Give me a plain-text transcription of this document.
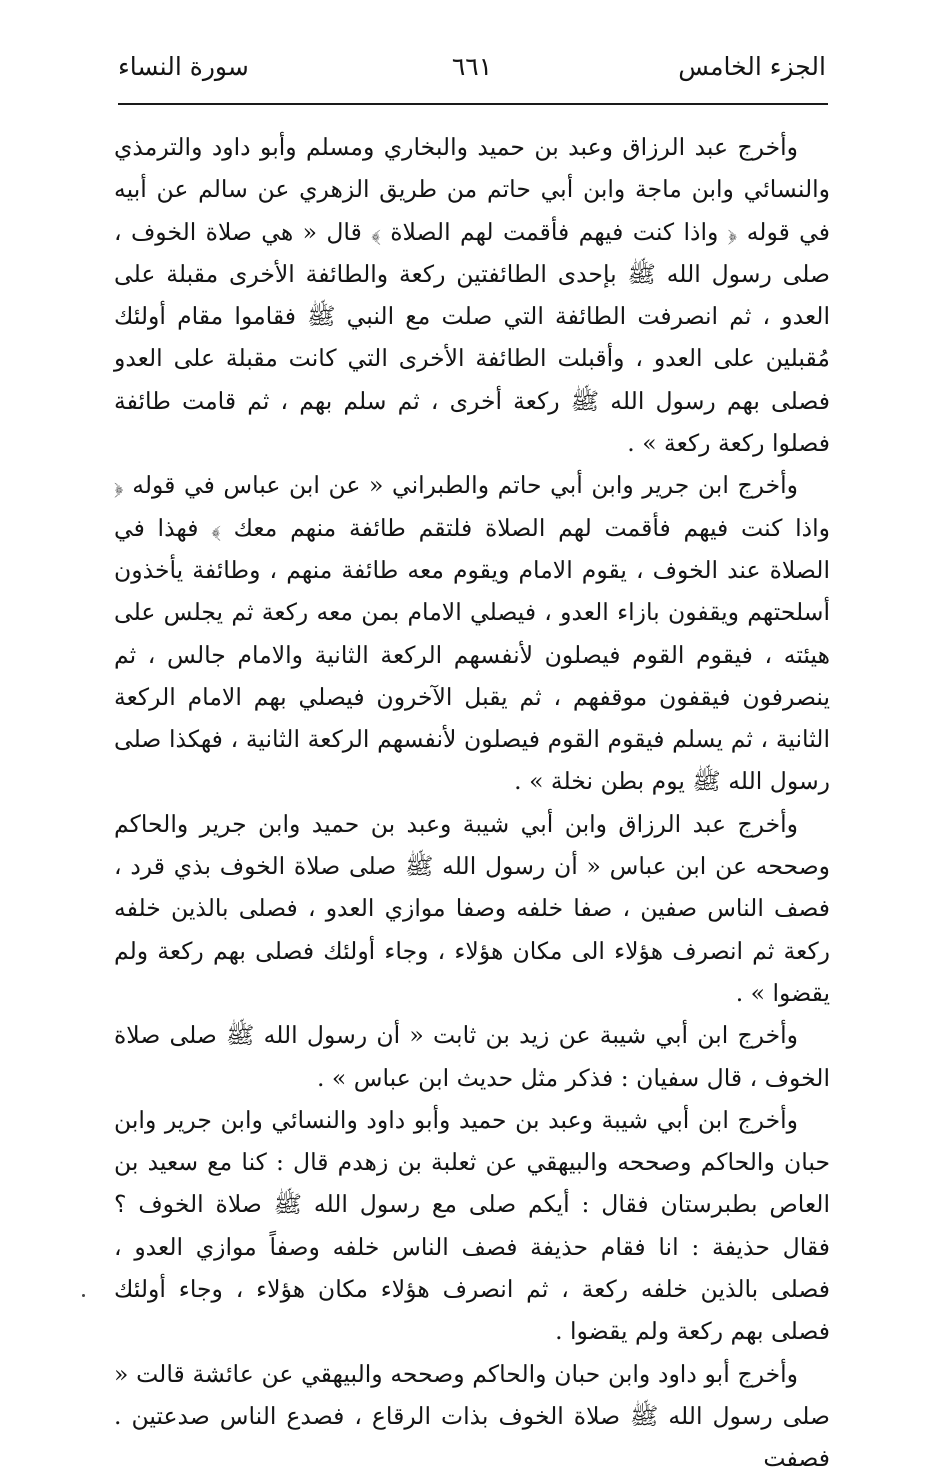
الجزء الخامس
٦٦١
سورة النساء

وأخرج عبد الرزاق وعبد بن حميد والبخاري ومسلم وأبو داود والترمذي والنسائي وابن ماجة وابن أبي حاتم من طريق الزهري عن سالم عن أبيه في قوله ﴿ واذا كنت فيهم فأقمت لهم الصلاة ﴾ قال « هي صلاة الخوف ، صلى رسول الله ﷺ بإحدى الطائفتين ركعة والطائفة الأخرى مقبلة على العدو ، ثم انصرفت الطائفة التي صلت مع النبي ﷺ فقاموا مقام أولئك مُقبلين على العدو ، وأقبلت الطائفة الأخرى التي كانت مقبلة على العدو فصلى بهم رسول الله ﷺ ركعة أخرى ، ثم سلم بهم ، ثم قامت طائفة فصلوا ركعة ركعة » .

وأخرج ابن جرير وابن أبي حاتم والطبراني « عن ابن عباس في قوله ﴿ واذا كنت فيهم فأقمت لهم الصلاة فلتقم طائفة منهم معك ﴾ فهذا في الصلاة عند الخوف ، يقوم الامام ويقوم معه طائفة منهم ، وطائفة يأخذون أسلحتهم ويقفون بازاء العدو ، فيصلي الامام بمن معه ركعة ثم يجلس على هيئته ، فيقوم القوم فيصلون لأنفسهم الركعة الثانية والامام جالس ، ثم ينصرفون فيقفون موقفهم ، ثم يقبل الآخرون فيصلي بهم الامام الركعة الثانية ، ثم يسلم فيقوم القوم فيصلون لأنفسهم الركعة الثانية ، فهكذا صلى رسول الله ﷺ يوم بطن نخلة » .

وأخرج عبد الرزاق وابن أبي شيبة وعبد بن حميد وابن جرير والحاكم وصححه عن ابن عباس « أن رسول الله ﷺ صلى صلاة الخوف بذي قرد ، فصف الناس صفين ، صفا خلفه وصفا موازي العدو ، فصلى بالذين خلفه ركعة ثم انصرف هؤلاء الى مكان هؤلاء ، وجاء أولئك فصلى بهم ركعة ولم يقضوا » .

وأخرج ابن أبي شيبة عن زيد بن ثابت « أن رسول الله ﷺ صلى صلاة الخوف ، قال سفيان : فذكر مثل حديث ابن عباس » .

وأخرج ابن أبي شيبة وعبد بن حميد وأبو داود والنسائي وابن جرير وابن حبان والحاكم وصححه والبيهقي عن ثعلبة بن زهدم قال : كنا مع سعيد بن العاص بطبرستان فقال : أيكم صلى مع رسول الله ﷺ صلاة الخوف ؟ فقال حذيفة : انا فقام حذيفة فصف الناس خلفه وصفاً موازي العدو ، فصلى بالذين خلفه ركعة ، ثم انصرف هؤلاء مكان هؤلاء ، وجاء أولئك فصلى بهم ركعة ولم يقضوا .

وأخرج أبو داود وابن حبان والحاكم وصححه والبيهقي عن عائشة قالت « صلى رسول الله ﷺ صلاة الخوف بذات الرقاع ، فصدع الناس صدعتين . فصفت
